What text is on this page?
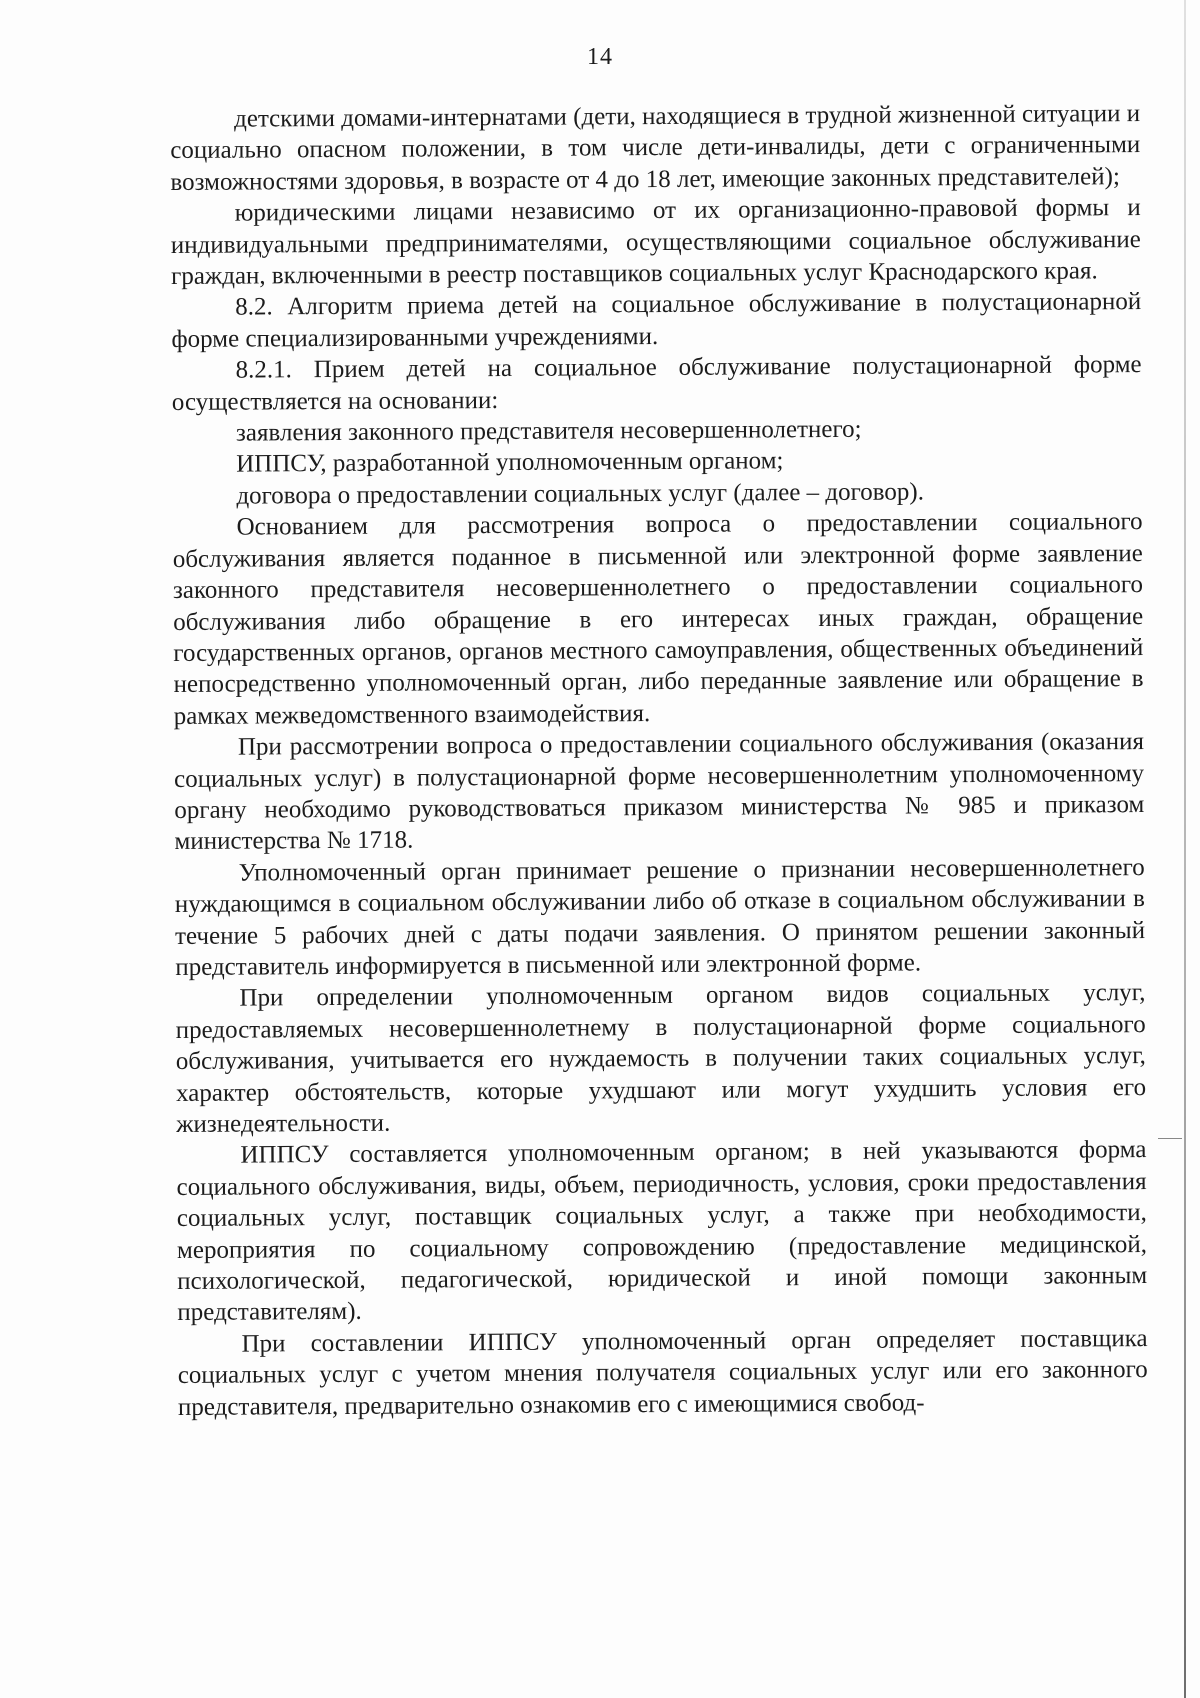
14

детскими домами-интернатами (дети, находящиеся в трудной жизненной ситуации и социально опасном положении, в том числе дети-инвалиды, дети с ограниченными возможностями здоровья, в возрасте от 4 до 18 лет, имеющие законных представителей);

юридическими лицами независимо от их организационно-правовой формы и индивидуальными предпринимателями, осуществляющими социальное обслуживание граждан, включенными в реестр поставщиков социальных услуг Краснодарского края.

8.2. Алгоритм приема детей на социальное обслуживание в полустационарной форме специализированными учреждениями.

8.2.1. Прием детей на социальное обслуживание полустационарной форме осуществляется на основании:

заявления законного представителя несовершеннолетнего;

ИППСУ, разработанной уполномоченным органом;

договора о предоставлении социальных услуг (далее – договор).

Основанием для рассмотрения вопроса о предоставлении социального обслуживания является поданное в письменной или электронной форме заявление законного представителя несовершеннолетнего о предоставлении социального обслуживания либо обращение в его интересах иных граждан, обращение государственных органов, органов местного самоуправления, общественных объединений непосредственно уполномоченный орган, либо переданные заявление или обращение в рамках межведомственного взаимодействия.

При рассмотрении вопроса о предоставлении социального обслуживания (оказания социальных услуг) в полустационарной форме несовершеннолетним уполномоченному органу необходимо руководствоваться приказом министерства № 985 и приказом министерства № 1718.

Уполномоченный орган принимает решение о признании несовершеннолетнего нуждающимся в социальном обслуживании либо об отказе в социальном обслуживании в течение 5 рабочих дней с даты подачи заявления. О принятом решении законный представитель информируется в письменной или электронной форме.

При определении уполномоченным органом видов социальных услуг, предоставляемых несовершеннолетнему в полустационарной форме социального обслуживания, учитывается его нуждаемость в получении таких социальных услуг, характер обстоятельств, которые ухудшают или могут ухудшить условия его жизнедеятельности.

ИППСУ составляется уполномоченным органом; в ней указываются форма социального обслуживания, виды, объем, периодичность, условия, сроки предоставления социальных услуг, поставщик социальных услуг, а также при необходимости, мероприятия по социальному сопровождению (предоставление медицинской, психологической, педагогической, юридической и иной помощи законным представителям).

При составлении ИППСУ уполномоченный орган определяет поставщика социальных услуг с учетом мнения получателя социальных услуг или его законного представителя, предварительно ознакомив его с имеющимися свобод-
